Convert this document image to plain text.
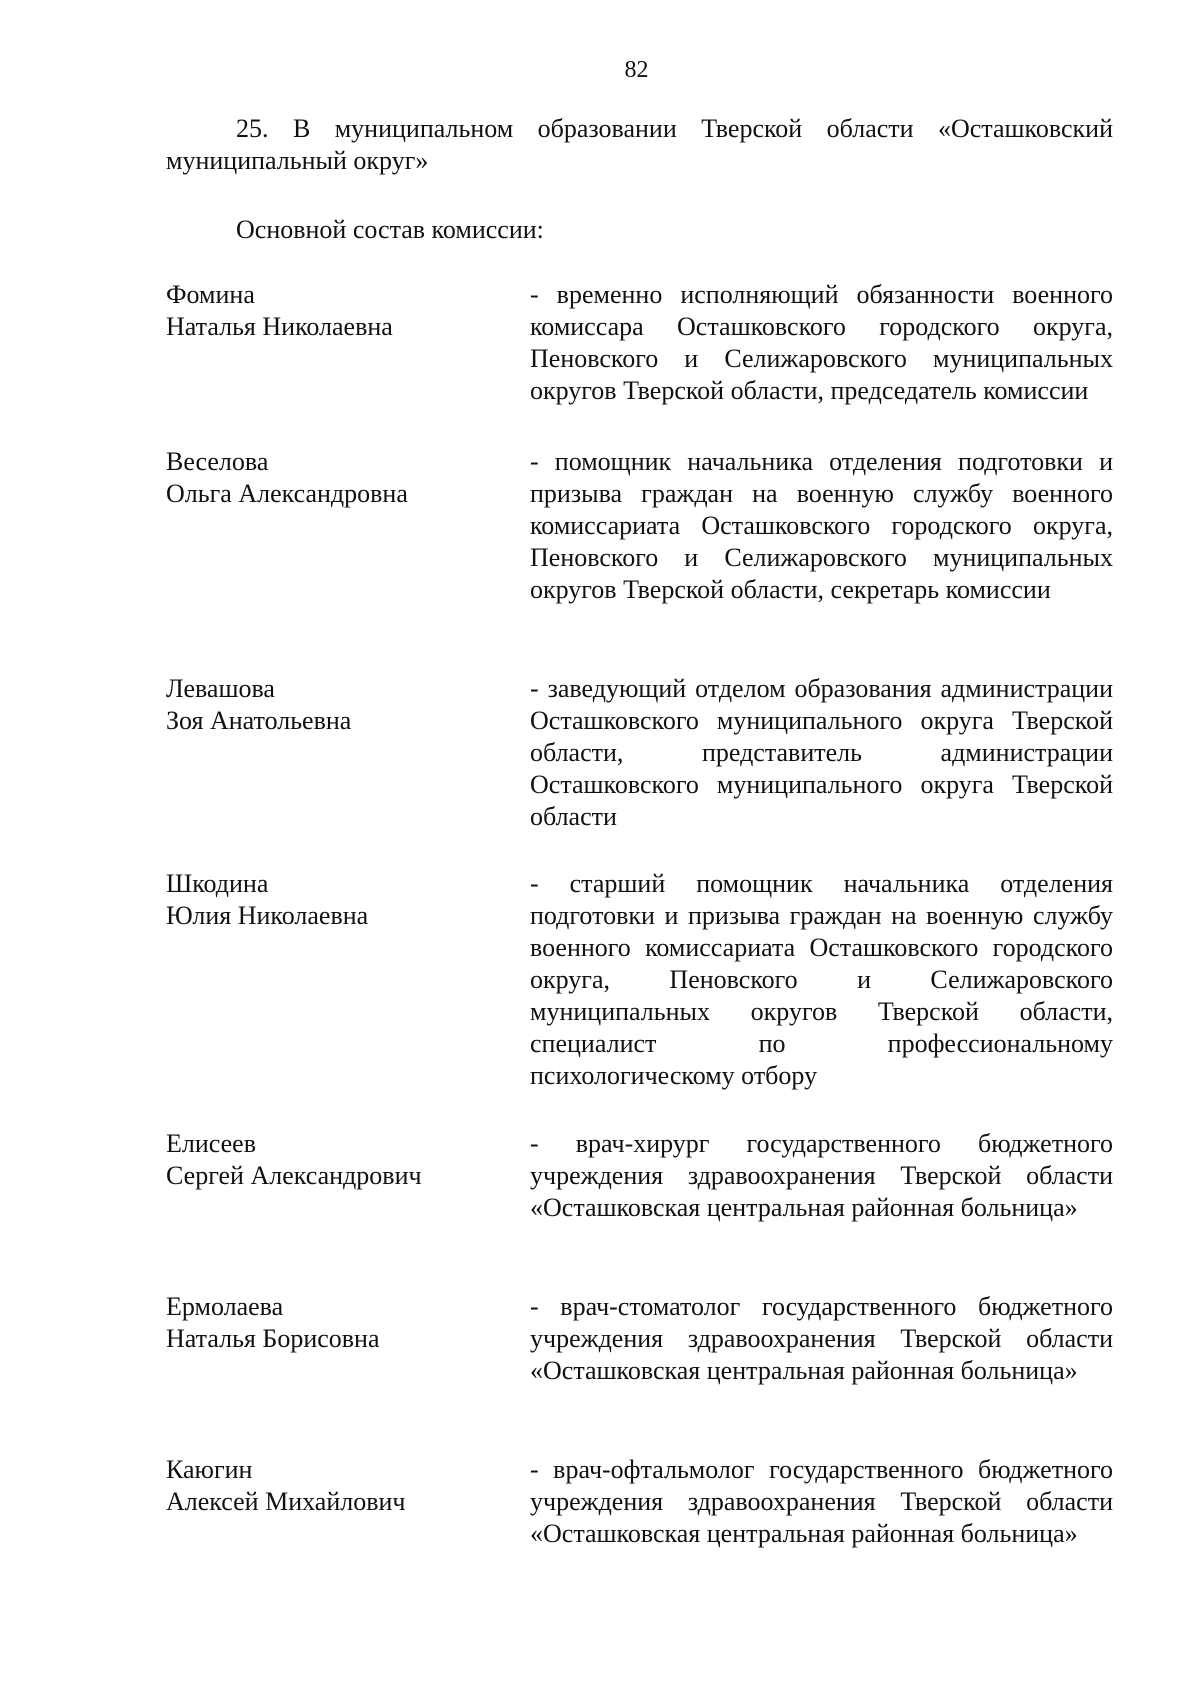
82
25. В муниципальном образовании Тверской области «Осташковский муниципальный округ»
Основной состав комиссии:
Фомина
Наталья Николаевна
- временно исполняющий обязанности военного комиссара Осташковского городского округа, Пеновского и Селижаровского муниципальных округов Тверской области, председатель комиссии
Веселова
Ольга Александровна
- помощник начальника отделения подготовки и призыва граждан на военную службу военного комиссариата Осташковского городского округа, Пеновского и Селижаровского муниципальных округов Тверской области, секретарь комиссии
Левашова
Зоя Анатольевна
- заведующий отделом образования администрации Осташковского муниципального округа Тверской области, представитель администрации Осташковского муниципального округа Тверской области
Шкодина
Юлия Николаевна
- старший помощник начальника отделения подготовки и призыва граждан на военную службу военного комиссариата Осташковского городского округа, Пеновского и Селижаровского муниципальных округов Тверской области, специалист по профессиональному психологическому отбору
Елисеев
Сергей Александрович
- врач-хирург государственного бюджетного учреждения здравоохранения Тверской области «Осташковская центральная районная больница»
Ермолаева
Наталья Борисовна
- врач-стоматолог государственного бюджетного учреждения здравоохранения Тверской области «Осташковская центральная районная больница»
Каюгин
Алексей Михайлович
- врач-офтальмолог государственного бюджетного учреждения здравоохранения Тверской области «Осташковская центральная районная больница»
